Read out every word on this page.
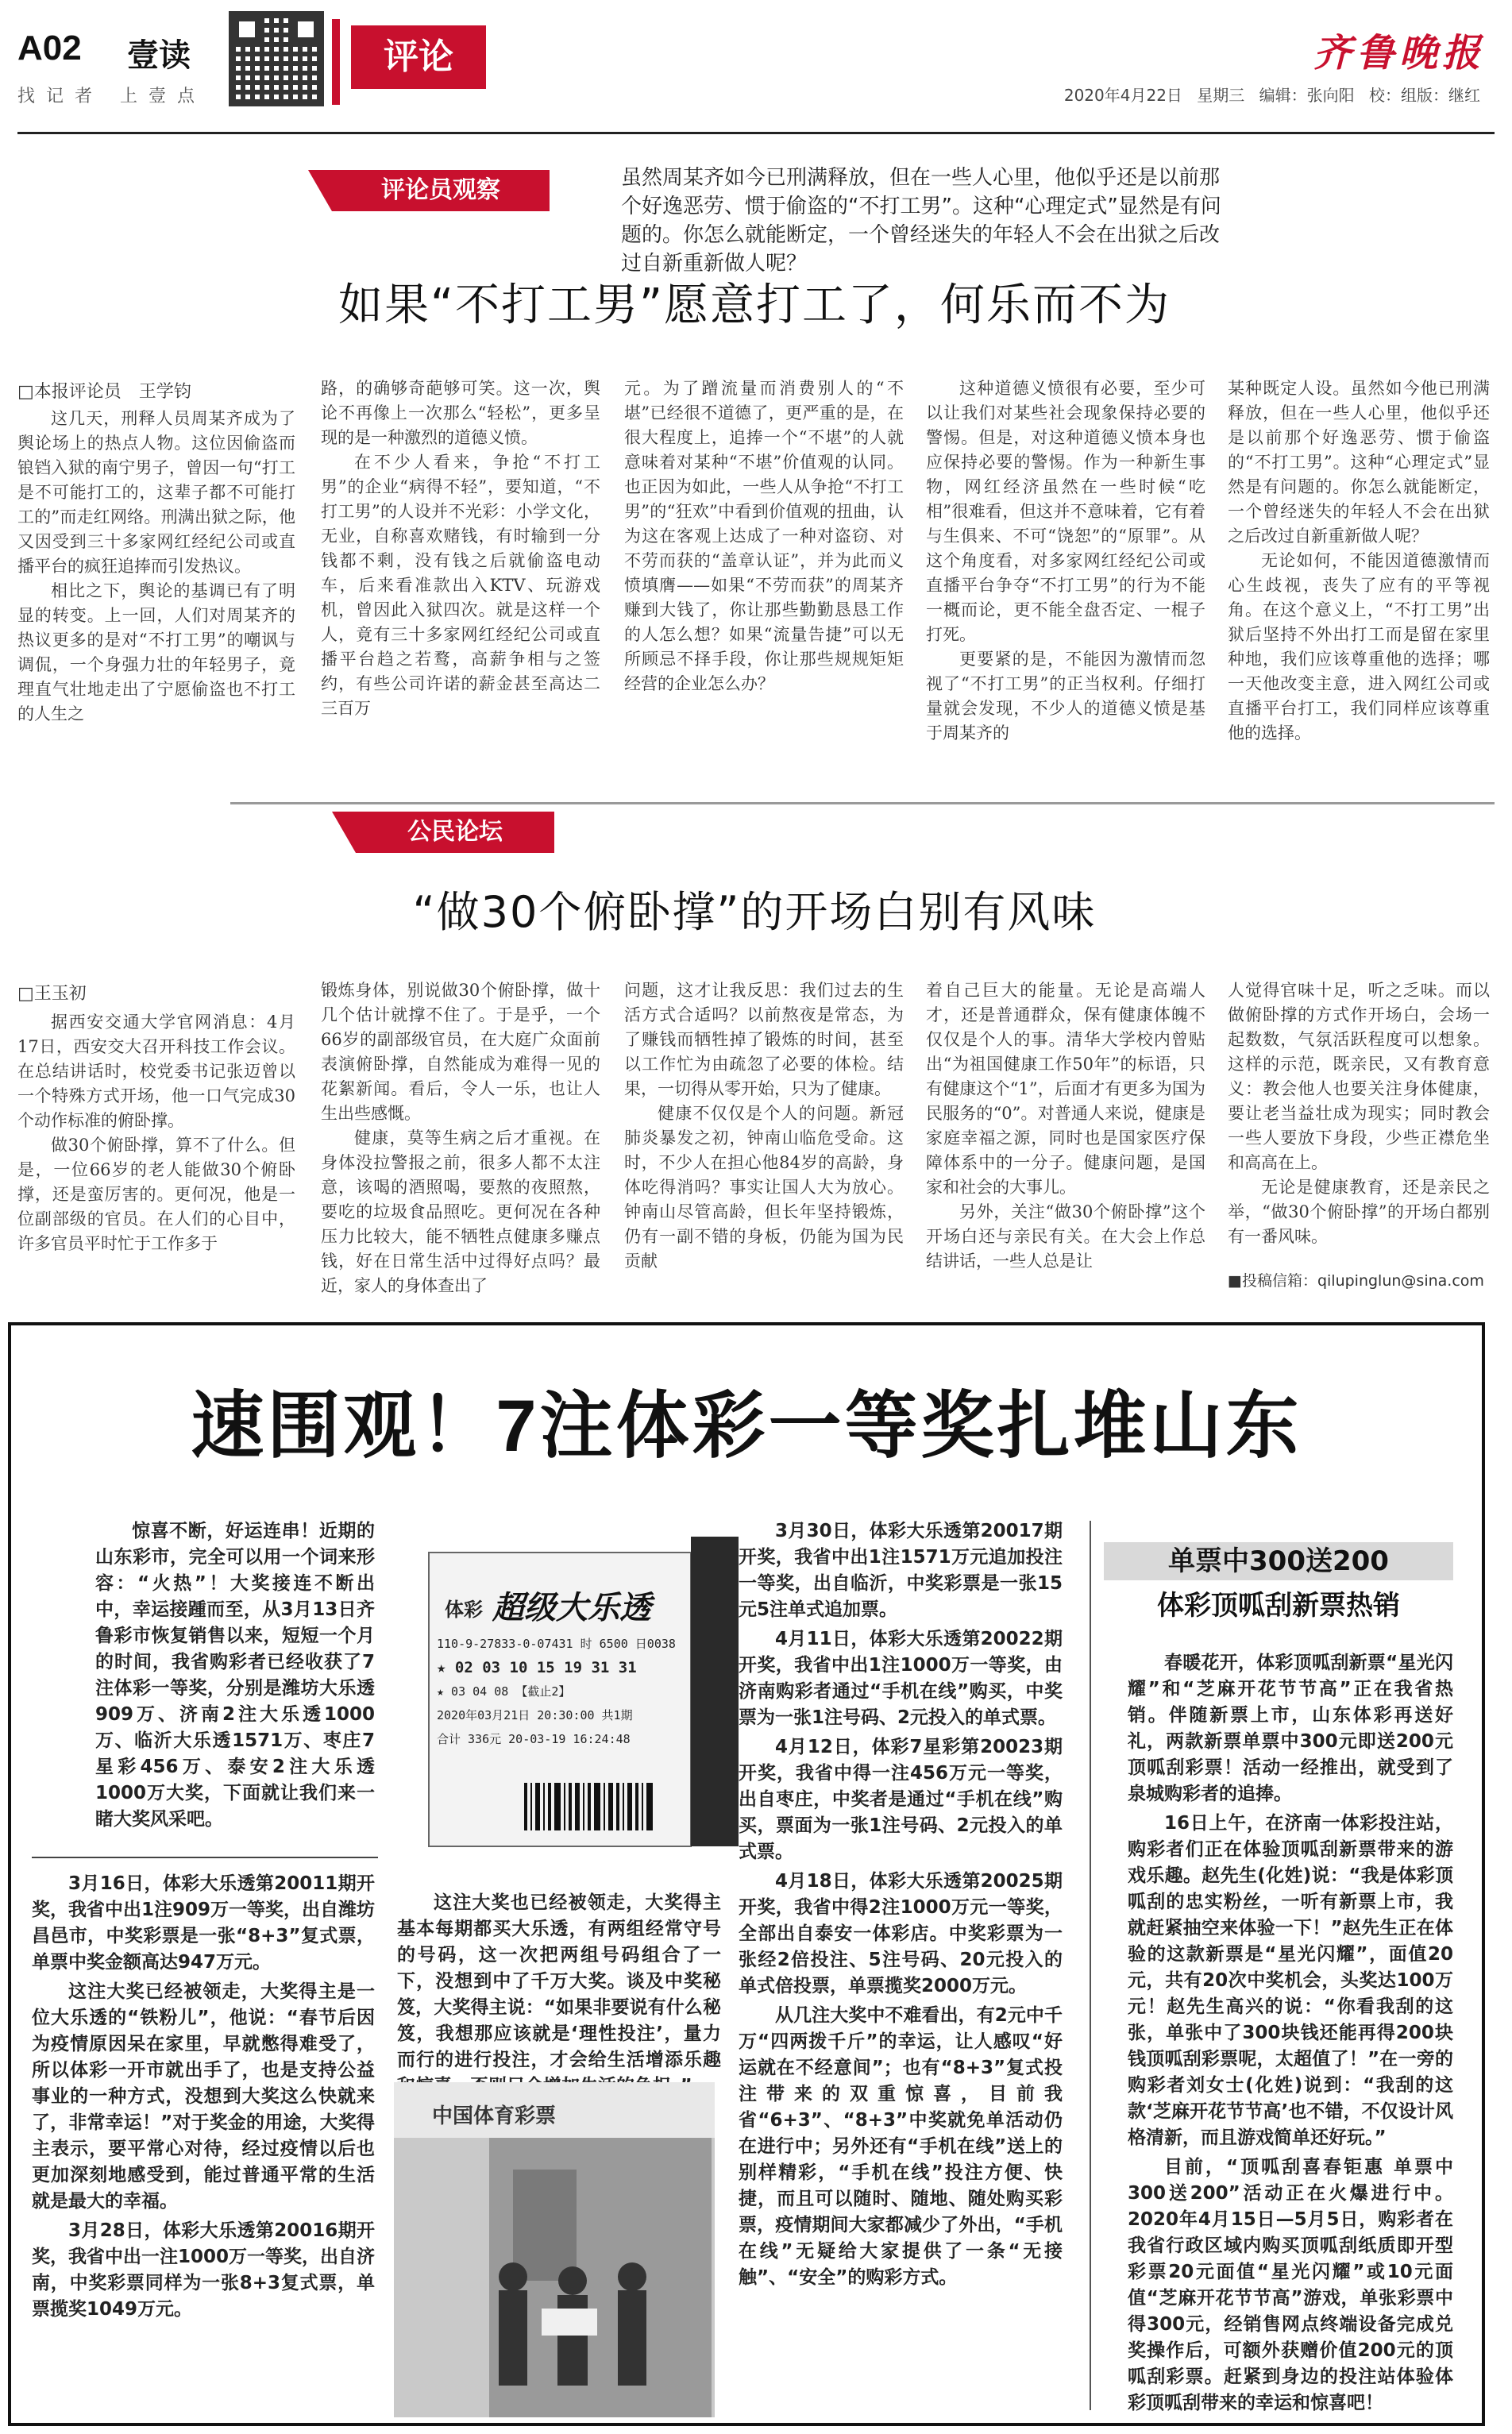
A02 壹读
找记者 上壹点
评论	齐鲁晚报
2020年4月22日 星期三 编辑：张向阳 校：组版：继红
评论员观察	虽然周某齐如今已刑满释放，但在一些人心里，他似乎还是以前那个好逸恶劳、惯于偷盗的“不打工男”。这种“心理定式”显然是有问题的。你怎么就能断定，一个曾经迷失的年轻人不会在出狱之后改过自新重新做人呢？
如果“不打工男”愿意打工了，何乐而不为
□本报评论员　王学钧

这几天，刑释人员周某齐成为了舆论场上的热点人物。这位因偷盗而锒铛入狱的南宁男子，曾因一句“打工是不可能打工的，这辈子都不可能打工的”而走红网络。刑满出狱之际，他又因受到三十多家网红经纪公司或直播平台的疯狂追捧而引发热议。

相比之下，舆论的基调已有了明显的转变。上一回，人们对周某齐的热议更多的是对“不打工男”的嘲讽与调侃，一个身强力壮的年轻男子，竟理直气壮地走出了宁愿偷盗也不打工的人生之

路，的确够奇葩够可笑。这一次，舆论不再像上一次那么“轻松”，更多呈现的是一种激烈的道德义愤。

在不少人看来，争抢“不打工男”的企业“病得不轻”，要知道，“不打工男”的人设并不光彩：小学文化，无业，自称喜欢赌钱，有时输到一分钱都不剩，没有钱之后就偷盗电动车，后来看准款出入KTV、玩游戏机，曾因此入狱四次。就是这样一个人，竟有三十多家网红经纪公司或直播平台趋之若鹜，高薪争相与之签约，有些公司许诺的薪金甚至高达二三百万

元。为了蹭流量而消费别人的“不堪”已经很不道德了，更严重的是，在很大程度上，追捧一个“不堪”的人就意味着对某种“不堪”价值观的认同。也正因为如此，一些人从争抢“不打工男”的“狂欢”中看到价值观的扭曲，认为这在客观上达成了一种对盗窃、对不劳而获的“盖章认证”，并为此而义愤填膺——如果“不劳而获”的周某齐赚到大钱了，你让那些勤勤恳恳工作的人怎么想？如果“流量告捷”可以无所顾忌不择手段，你让那些规规矩矩经营的企业怎么办？

这种道德义愤很有必要，至少可以让我们对某些社会现象保持必要的警惕。但是，对这种道德义愤本身也应保持必要的警惕。作为一种新生事物，网红经济虽然在一些时候“吃相”很难看，但这并不意味着，它有着与生俱来、不可“饶恕”的“原罪”。从这个角度看，对多家网红经纪公司或直播平台争夺“不打工男”的行为不能一概而论，更不能全盘否定、一棍子打死。

更要紧的是，不能因为激情而忽视了“不打工男”的正当权利。仔细打量就会发现，不少人的道德义愤是基于周某齐的

某种既定人设。虽然如今他已刑满释放，但在一些人心里，他似乎还是以前那个好逸恶劳、惯于偷盗的“不打工男”。这种“心理定式”显然是有问题的。你怎么就能断定，一个曾经迷失的年轻人不会在出狱之后改过自新重新做人呢？

无论如何，不能因道德激情而心生歧视，丧失了应有的平等视角。在这个意义上，“不打工男”出狱后坚持不外出打工而是留在家里种地，我们应该尊重他的选择；哪一天他改变主意，进入网红公司或直播平台打工，我们同样应该尊重他的选择。

公民论坛
“做30个俯卧撑”的开场白别有风味
□王玉初

据西安交通大学官网消息：4月17日，西安交大召开科技工作会议。在总结讲话时，校党委书记张迈曾以一个特殊方式开场，他一口气完成30个动作标准的俯卧撑。

做30个俯卧撑，算不了什么。但是，一位66岁的老人能做30个俯卧撑，还是蛮厉害的。更何况，他是一位副部级的官员。在人们的心目中，许多官员平时忙于工作多于

锻炼身体，别说做30个俯卧撑，做十几个估计就撑不住了。于是乎，一个66岁的副部级官员，在大庭广众面前表演俯卧撑，自然能成为难得一见的花絮新闻。看后，令人一乐，也让人生出些感慨。

健康，莫等生病之后才重视。在身体没拉警报之前，很多人都不太注意，该喝的酒照喝，要熬的夜照熬，要吃的垃圾食品照吃。更何况在各种压力比较大，能不牺牲点健康多赚点钱，好在日常生活中过得好点吗？最近，家人的身体查出了

问题，这才让我反思：我们过去的生活方式合适吗？以前熬夜是常态，为了赚钱而牺牲掉了锻炼的时间，甚至以工作忙为由疏忽了必要的体检。结果，一切得从零开始，只为了健康。

健康不仅仅是个人的问题。新冠肺炎暴发之初，钟南山临危受命。这时，不少人在担心他84岁的高龄，身体吃得消吗？事实让国人大为放心。钟南山尽管高龄，但长年坚持锻炼，仍有一副不错的身板，仍能为国为民贡献

着自己巨大的能量。无论是高端人才，还是普通群众，保有健康体魄不仅仅是个人的事。清华大学校内曾贴出“为祖国健康工作50年”的标语，只有健康这个“1”，后面才有更多为国为民服务的“0”。对普通人来说，健康是家庭幸福之源，同时也是国家医疗保障体系中的一分子。健康问题，是国家和社会的大事儿。

另外，关注“做30个俯卧撑”这个开场白还与亲民有关。在大会上作总结讲话，一些人总是让

人觉得官味十足，听之乏味。而以做俯卧撑的方式作开场白，会场一起数数，气氛活跃程度可以想象。这样的示范，既亲民，又有教育意义：教会他人也要关注身体健康，要让老当益壮成为现实；同时教会一些人要放下身段，少些正襟危坐和高高在上。

无论是健康教育，还是亲民之举，“做30个俯卧撑”的开场白都别有一番风味。

■投稿信箱：qilupinglun@sina.com
速围观！7注体彩一等奖扎堆山东

惊喜不断，好运连串！近期的山东彩市，完全可以用一个词来形容：“火热”！大奖接连不断出中，幸运接踵而至，从3月13日齐鲁彩市恢复销售以来，短短一个月的时间，我省购彩者已经收获了7注体彩一等奖，分别是潍坊大乐透909万、济南2注大乐透1000万、临沂大乐透1571万、枣庄7星彩456万、泰安2注大乐透1000万大奖，下面就让我们来一睹大奖风采吧。

3月16日，体彩大乐透第20011期开奖，我省中出1注909万一等奖，出自潍坊昌邑市，中奖彩票是一张“8+3”复式票，单票中奖金额高达947万元。

这注大奖已经被领走，大奖得主是一位大乐透的“铁粉儿”，他说：“春节后因为疫情原因呆在家里，早就憋得难受了，所以体彩一开市就出手了，也是支持公益事业的一种方式，没想到大奖这么快就来了，非常幸运！”对于奖金的用途，大奖得主表示，要平常心对待，经过疫情以后也更加深刻地感受到，能过普通平常的生活就是最大的幸福。

3月28日，体彩大乐透第20016期开奖，我省中出一注1000万一等奖，出自济南，中奖彩票同样为一张8+3复式票，单票揽奖1049万元。

体彩 超级大乐透
110-9-27833-0-07431 时 6500 日0038
★ 02 03 10 15 19 31 31
★ 03 04 08 【截止2】
2020年03月21日 20:30:00 共1期
合计 336元 20-03-19 16:24:48

这注大奖也已经被领走，大奖得主基本每期都买大乐透，有两组经常守号的号码，这一次把两组号码组合了一下，没想到中了千万大奖。谈及中奖秘笈，大奖得主说：“如果非要说有什么秘笈，我想那应该就是‘理性投注’，量力而行的进行投注，才会给生活增添乐趣

中国体育彩票

3月30日，体彩大乐透第20017期开奖，我省中出1注1571万元追加投注一等奖，出自临沂，中奖彩票是一张15元5注单式追加票。

4月11日，体彩大乐透第20022期开奖，我省中出1注1000万一等奖，由济南购彩者通过“手机在线”购买，中奖票为一张1注号码、2元投入的单式票。

4月12日，体彩7星彩第20023期开奖，我省中得一注456万元一等奖，出自枣庄，中奖者是通过“手机在线”购买，票面为一张1注号码、2元投入的单式票。

4月18日，体彩大乐透第20025期开奖，我省中得2注1000万元一等奖，全部出自泰安一体彩店。中奖彩票为一张经2倍投注、5注号码、20元投入的单式倍投票，单票揽奖2000万元。

从几注大奖中不难看出，有2元中千万“四两拨千斤”的幸运，让人感叹“好运就在不经意间”；也有“8+3”复式投注带来的双重惊喜，目前我省“6+3”、“8+3”中奖就免单活动仍在进行中；另外还有“手机在线”送上的别样精彩，“手机在线”投注方便、快捷，而且可以随时、随地、随处购买彩票，疫情期间大家都减少了外出，“手机在线”无疑给大家提供了一条“无接触”、“安全”的购彩方式。

单票中300送200
体彩顶呱刮新票热销

春暖花开，体彩顶呱刮新票“星光闪耀”和“芝麻开花节节高”正在我省热销。伴随新票上市，山东体彩再送好礼，两款新票单票中300元即送200元顶呱刮彩票！活动一经推出，就受到了泉城购彩者的追捧。

16日上午，在济南一体彩投注站，购彩者们正在体验顶呱刮新票带来的游戏乐趣。赵先生(化姓)说：“我是体彩顶呱刮的忠实粉丝，一听有新票上市，我就赶紧抽空来体验一下！”赵先生正在体验的这款新票是“星光闪耀”，面值20元，共有20次中奖机会，头奖达100万元！赵先生高兴的说：“你看我刮的这张，单张中了300块钱还能再得200块钱顶呱刮彩票呢，太超值了！”在一旁的购彩者刘女士(化姓)说到：“我刮的这款‘芝麻开花节节高’也不错，不仅设计风格清新，而且游戏简单还好玩。”

目前，“顶呱刮喜春钜惠 单票中300送200”活动正在火爆进行中。2020年4月15日—5月5日，购彩者在我省行政区域内购买顶呱刮纸质即开型彩票20元面值“星光闪耀”或10元面值“芝麻开花节节高”游戏，单张彩票中得300元，经销售网点终端设备完成兑奖操作后，可额外获赠价值200元的顶呱刮彩票。赶紧到身边的投注站体验体彩顶呱刮带来的幸运和惊喜吧！
